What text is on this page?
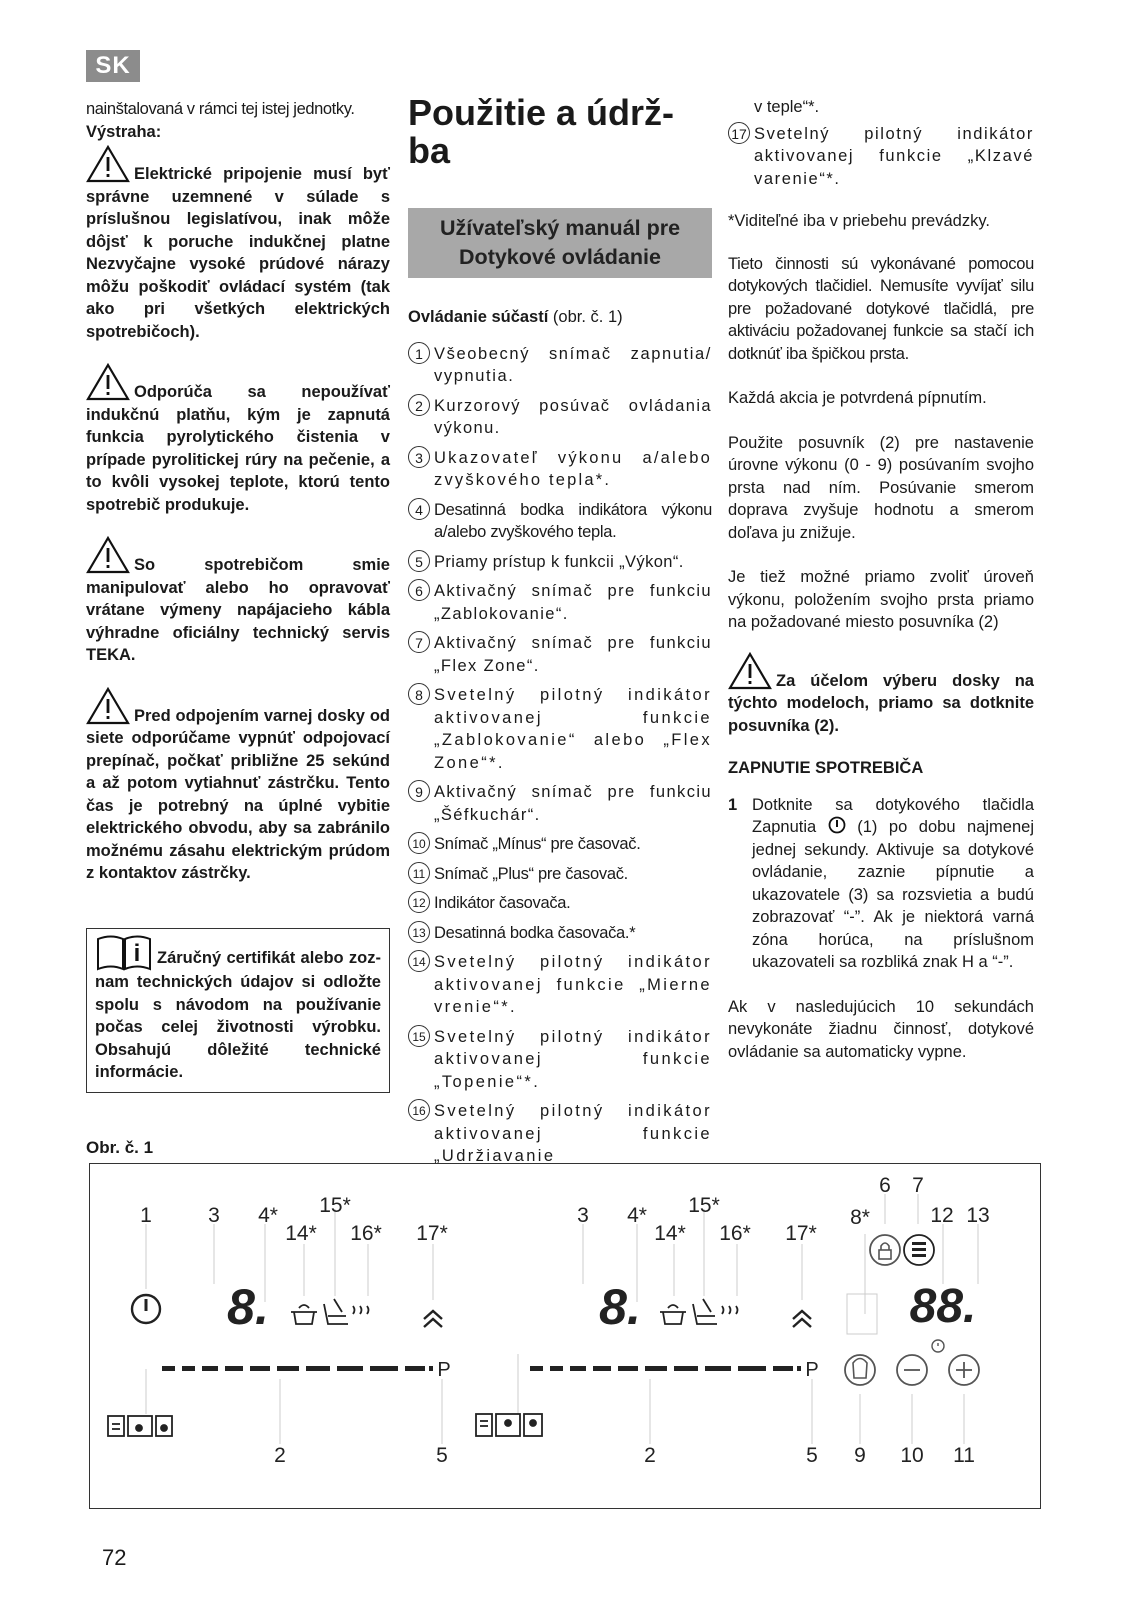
SK

nainštalovaná v rámci tej istej jednotky.

Výstraha:

Elektrické pripojenie musí byť správne uzemnené v súlade s príslušnou legislatívou, inak môže dôjsť k poruche indukčnej platne Nezvyčajne vysoké prúdové nárazy môžu poškodiť ovládací systém (tak ako pri všetkých elektrických spotrebičoch).

Odporúča sa nepoužívať indukčnú platňu, kým je zapnutá funkcia pyrolytického čistenia v prípade pyrolitickej rúry na pečenie, a to kvôli vysokej teplote, ktorú tento spotrebič produkuje.

So spotrebičom smie manipulovať alebo ho opravovať vrátane výmeny napájacieho kábla výhradne oficiálny technický servis TEKA.

Pred odpojením varnej dosky od siete odporúčame vypnúť odpojovací prepínač, počkať približne 25 sekúnd a až potom vytiahnuť zástrčku. Tento čas je potrebný na úplné vybitie elektrického obvodu, aby sa zabránilo možnému zásahu elektrickým prúdom z kontaktov zástrčky.

i Záručný certifikát alebo zoz- nam technických údajov si odložte spolu s návodom na používanie počas celej životnosti výrobku. Obsahujú dôležité technické informácie.
Použitie a údrž-ba
Užívateľský manuál pre Dotykové ovládanie

Ovládanie súčastí (obr. č. 1)

1 Všeobecný snímač zapnutia/ vypnutia.
2 Kurzorový posúvač ovládania výkonu.
3 Ukazovateľ výkonu a/alebo zvyškového tepla*.
4 Desatinná bodka indikátora výkonu a/alebo zvyškového tepla.
5 Priamy prístup k funkcii „Výkon“.
6 Aktivačný snímač pre funkciu „Zablokovanie“.
7 Aktivačný snímač pre funkciu „Flex Zone“.
8 Svetelný pilotný indikátor aktivovanej funkcie „Zablokovanie“ alebo „Flex Zone“*.
9 Aktivačný snímač pre funkciu „Šéfkuchár“.
10 Snímač „Mínus“ pre časovač.
11 Snímač „Plus“ pre časovač.
12 Indikátor časovača.
13 Desatinná bodka časovača.*
14 Svetelný pilotný indikátor aktivovanej funkcie „Mierne vrenie“*.
15 Svetelný pilotný indikátor aktivovanej funkcie „Topenie“*.
16 Svetelný pilotný indikátor aktivovanej funkcie „Udržiavanie

v teple“*.

17 Svetelný pilotný indikátor aktivovanej funkcie „Klzavé varenie“*.

*Viditeľné iba v priebehu prevádzky.

Tieto činnosti sú vykonávané pomocou dotykových tlačidiel. Nemusíte vyvíjať silu pre požadované dotykové tlačidlá, pre aktiváciu požadovanej funkcie sa stačí ich dotknúť iba špičkou prsta.

Každá akcia je potvrdená pípnutím.

Použite posuvník (2) pre nastavenie úrovne výkonu (0 - 9) posúvaním svojho prsta nad ním. Posúvanie smerom doprava zvyšuje hodnotu a smerom doľava ju znižuje.

Je tiež možné priamo zvoliť úroveň výkonu, položením svojho prsta priamo na požadované miesto posuvníka (2)

Za účelom výberu dosky na týchto modeloch, priamo sa dotknite posuvníka (2).

ZAPNUTIE SPOTREBIČA

1 Dotknite sa dotykového tlačidla Zapnutia (1) po dobu najmenej jednej sekundy. Aktivuje sa dotykové ovládanie, zaznie pípnutie a ukazovatele (3) sa rozsvietia a budú zobrazovať “-”. Ak je niektorá varná zóna horúca, na príslušnom ukazovateli sa rozbliká znak H a “-”.

Ak v nasledujúcich 10 sekundách nevykonáte žiadnu činnosť, dotykové ovládanie sa automaticky vypne.

Obr. č. 1
1	3 4* 15*
14* 16* 17*
3 4* 15*
14* 16* 17*
6 7
8*	12 13
2	5	2	5 9 10 11
8.
P
8.
P
88.
72
